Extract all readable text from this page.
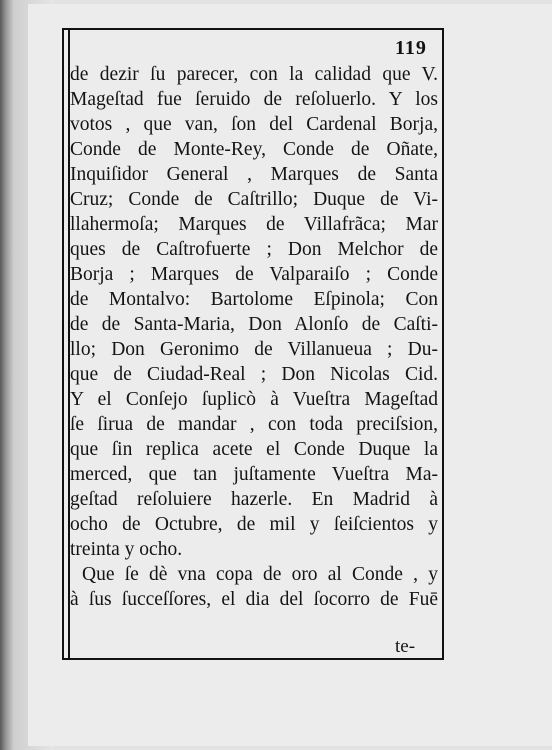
119
de dezir ſu parecer, con la calidad que V.
Mageſtad fue ſeruido de reſoluerlo. Y los
votos , que van, ſon del Cardenal Borja,
Conde de Monte-Rey, Conde de Oñate,
Inquiſidor General , Marques de Santa
Cruz; Conde de Caſtrillo; Duque de Vi-
llahermoſa; Marques de Villafrãca; Mar
ques de Caſtrofuerte ; Don Melchor de
Borja ; Marques de Valparaiſo ; Conde
de Montalvo: Bartolome Eſpinola; Con
de de Santa-Maria, Don Alonſo de Caſti-
llo; Don Geronimo de Villanueua ; Du-
que de Ciudad-Real ; Don Nicolas Cid.
Y el Conſejo ſuplicò à Vueſtra Mageſtad
ſe ſirua de mandar , con toda preciſsion,
que ſin replica acete el Conde Duque la
merced, que tan juſtamente Vueſtra Ma-
geſtad reſoluiere hazerle. En Madrid à
ocho de Octubre, de mil y ſeiſcientos y
treinta y ocho.
Que ſe dè vna copa de oro al Conde , y
à ſus ſucceſſores, el dia del ſocorro de Fuē
te-
